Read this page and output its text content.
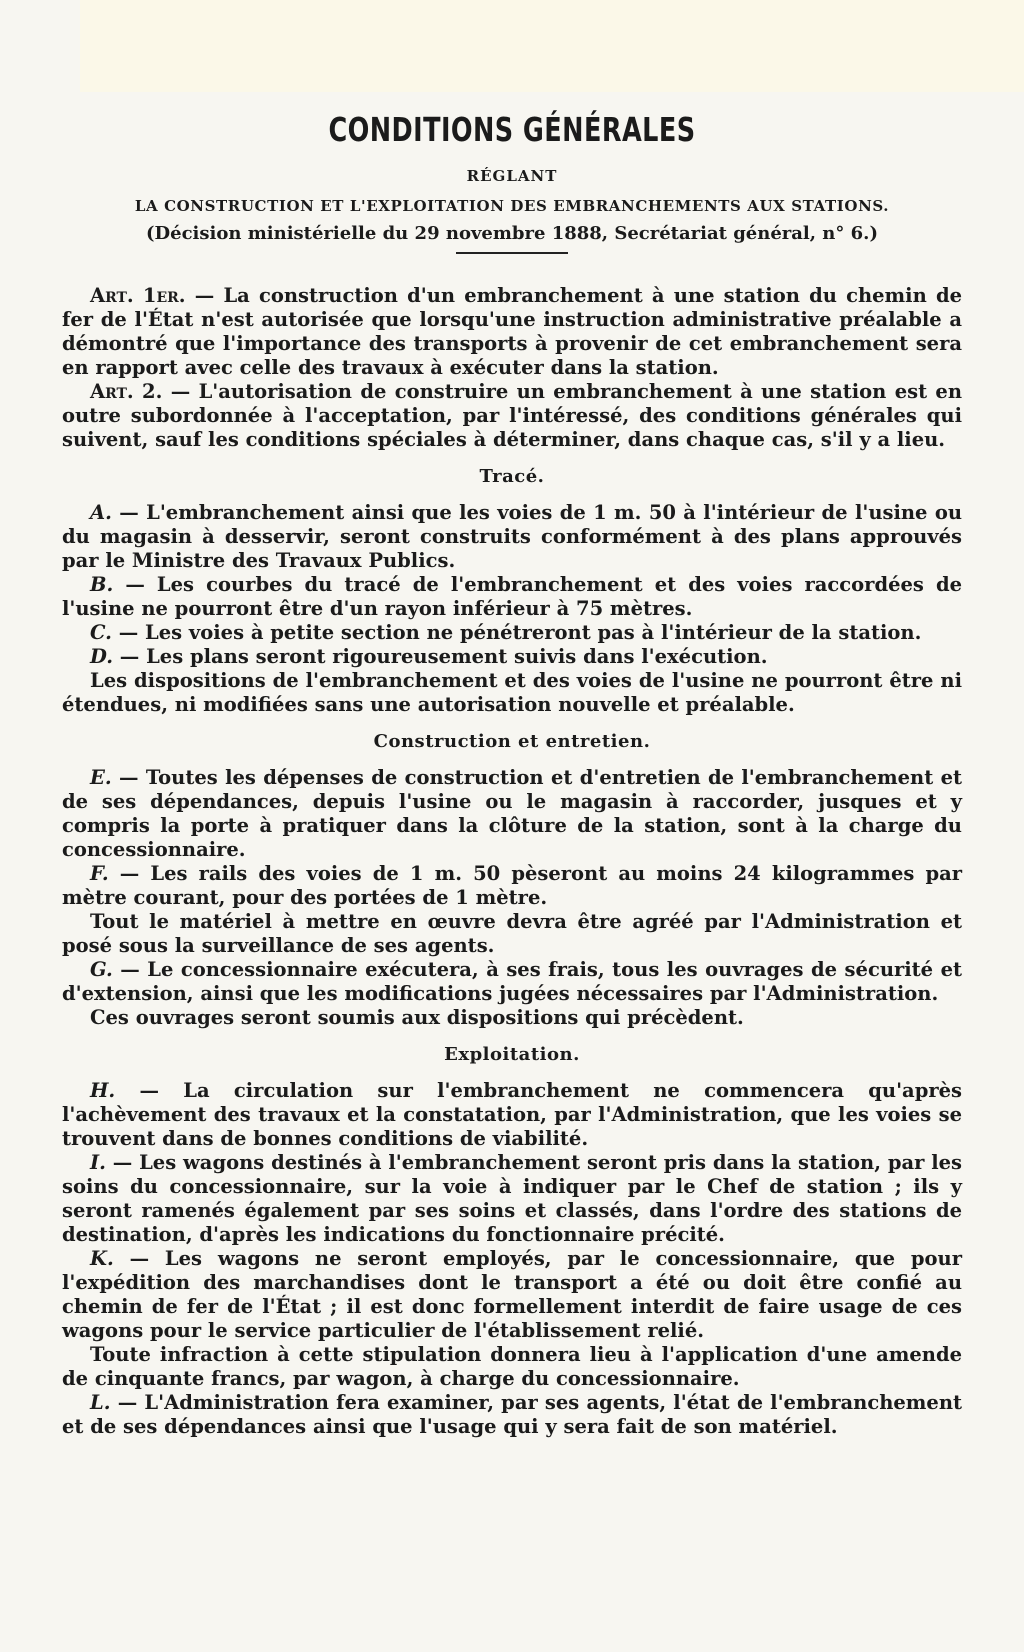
CONDITIONS GÉNÉRALES
RÉGLANT
LA CONSTRUCTION ET L'EXPLOITATION DES EMBRANCHEMENTS AUX STATIONS.
(Décision ministérielle du 29 novembre 1888, Secrétariat général, n° 6.)

Art. 1er. — La construction d'un embranchement à une station du chemin de fer de l'État n'est autorisée que lorsqu'une instruction administrative préalable a démontré que l'importance des transports à provenir de cet embranchement sera en rapport avec celle des travaux à exécuter dans la station.

Art. 2. — L'autorisation de construire un embranchement à une station est en outre subordonnée à l'acceptation, par l'intéressé, des conditions générales qui suivent, sauf les conditions spéciales à déterminer, dans chaque cas, s'il y a lieu.

Tracé.

A. — L'embranchement ainsi que les voies de 1 m. 50 à l'intérieur de l'usine ou du magasin à desservir, seront construits conformément à des plans approuvés par le Ministre des Travaux Publics.

B. — Les courbes du tracé de l'embranchement et des voies raccordées de l'usine ne pourront être d'un rayon inférieur à 75 mètres.

C. — Les voies à petite section ne pénétreront pas à l'intérieur de la station.

D. — Les plans seront rigoureusement suivis dans l'exécution.

Les dispositions de l'embranchement et des voies de l'usine ne pourront être ni étendues, ni modifiées sans une autorisation nouvelle et préalable.

Construction et entretien.

E. — Toutes les dépenses de construction et d'entretien de l'embranchement et de ses dépendances, depuis l'usine ou le magasin à raccorder, jusques et y compris la porte à pratiquer dans la clôture de la station, sont à la charge du concessionnaire.

F. — Les rails des voies de 1 m. 50 pèseront au moins 24 kilogrammes par mètre courant, pour des portées de 1 mètre.

Tout le matériel à mettre en œuvre devra être agréé par l'Administration et posé sous la surveillance de ses agents.

G. — Le concessionnaire exécutera, à ses frais, tous les ouvrages de sécurité et d'extension, ainsi que les modifications jugées nécessaires par l'Administration.

Ces ouvrages seront soumis aux dispositions qui précèdent.

Exploitation.

H. — La circulation sur l'embranchement ne commencera qu'après l'achèvement des travaux et la constatation, par l'Administration, que les voies se trouvent dans de bonnes conditions de viabilité.

I. — Les wagons destinés à l'embranchement seront pris dans la station, par les soins du concessionnaire, sur la voie à indiquer par le Chef de station ; ils y seront ramenés également par ses soins et classés, dans l'ordre des stations de destination, d'après les indications du fonctionnaire précité.

K. — Les wagons ne seront employés, par le concessionnaire, que pour l'expédition des marchandises dont le transport a été ou doit être confié au chemin de fer de l'État ; il est donc formellement interdit de faire usage de ces wagons pour le service particulier de l'établissement relié.

Toute infraction à cette stipulation donnera lieu à l'application d'une amende de cinquante francs, par wagon, à charge du concessionnaire.

L. — L'Administration fera examiner, par ses agents, l'état de l'embranchement et de ses dépendances ainsi que l'usage qui y sera fait de son matériel.
